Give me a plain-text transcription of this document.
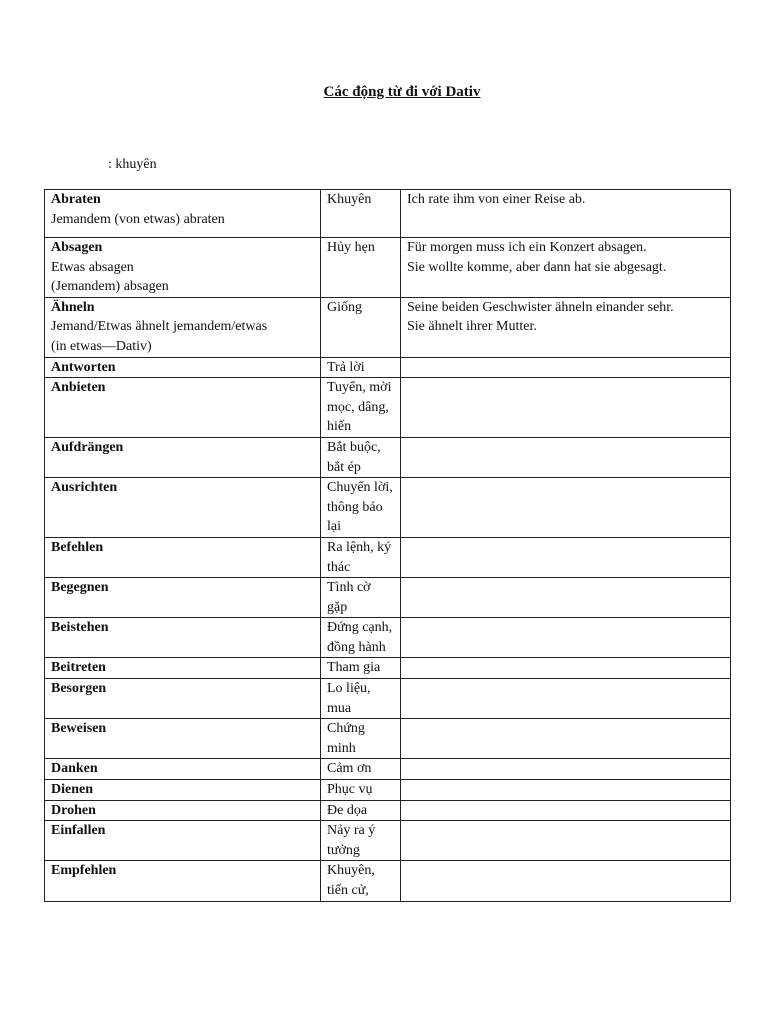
Các động từ đi với Dativ
: khuyên
Abraten
Jemandem (von etwas) abraten	Khuyên	Ich rate ihm von einer Reise ab.

Absagen
Etwas absagen
(Jemandem) absagen	Hủy hẹn	Für morgen muss ich ein Konzert absagen.
Sie wollte komme, aber dann hat sie abgesagt.

Ähneln
Jemand/Etwas ähnelt jemandem/etwas
(in etwas—Dativ)	Giống	Seine beiden Geschwister ähneln einander sehr.
Sie ähnelt ihrer Mutter.

Antworten	Trả lời	

Anbieten	Tuyển, mời mọc, dâng, hiến	

Aufdrängen	Bắt buộc, bắt ép	

Ausrichten	Chuyển lời, thông báo lại	

Befehlen	Ra lệnh, ký thác	

Begegnen	Tình cờ gặp	

Beistehen	Đứng cạnh, đồng hành	

Beitreten	Tham gia	

Besorgen	Lo liệu, mua	

Beweisen	Chứng minh	

Danken	Cảm ơn	

Dienen	Phục vụ	

Drohen	Đe dọa	

Einfallen	Nảy ra ý tưởng	

Empfehlen	Khuyên, tiến cử,	
